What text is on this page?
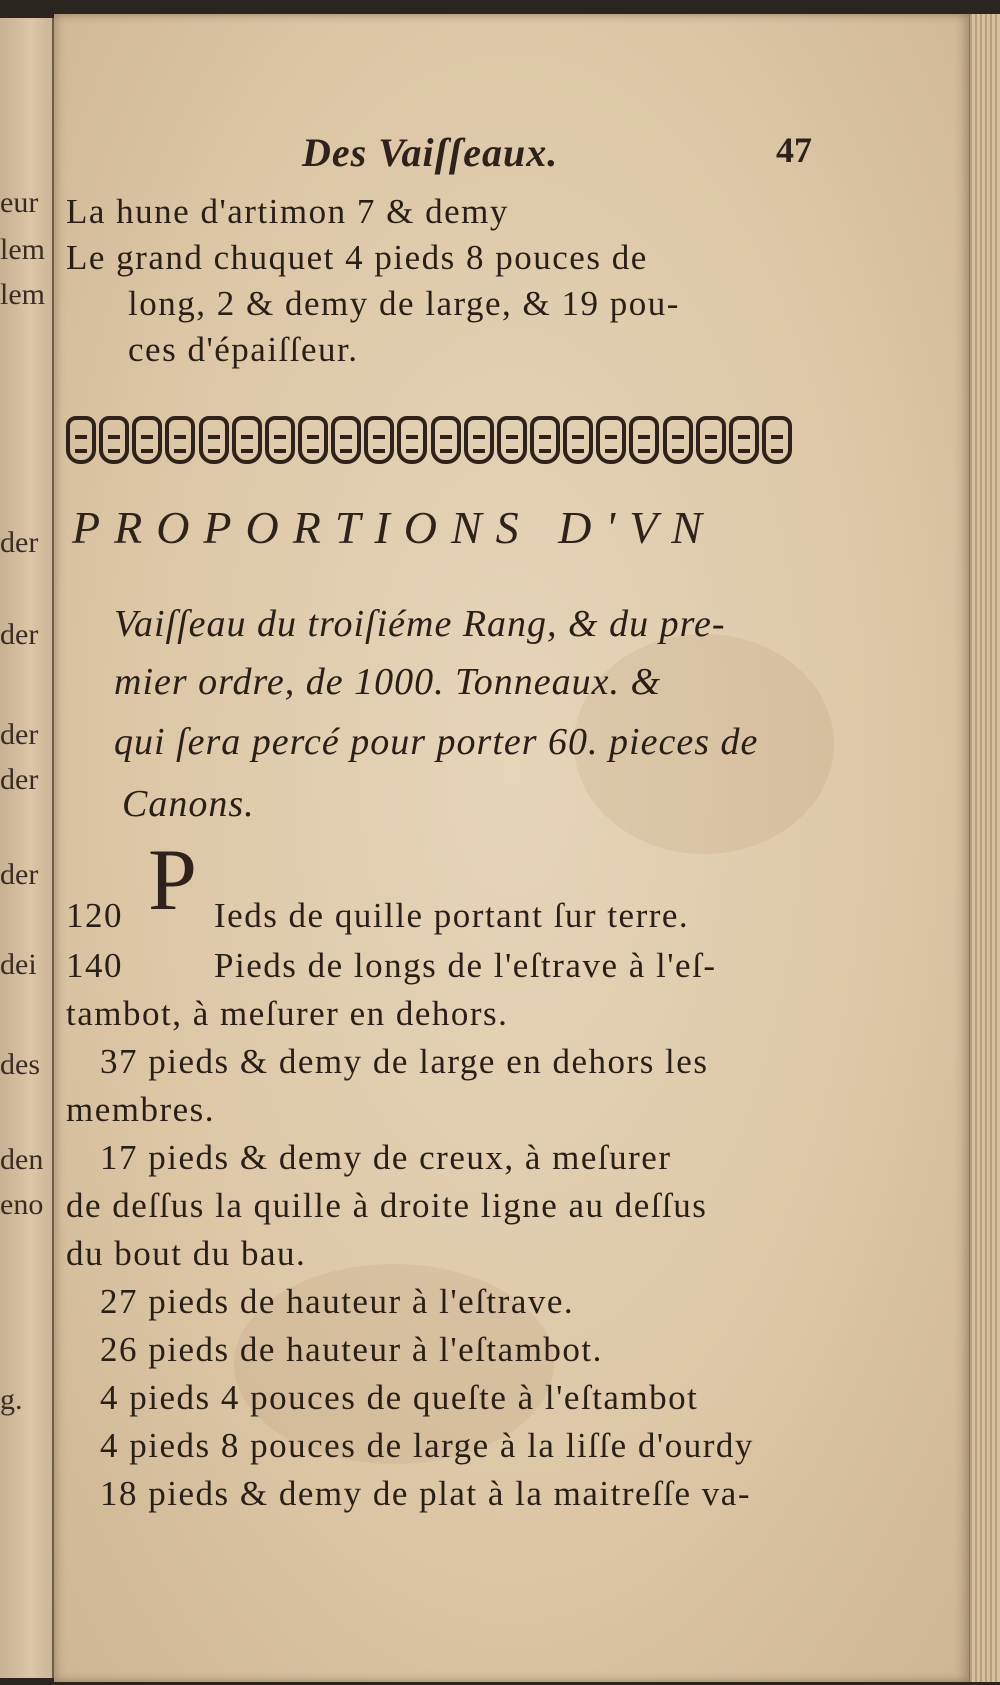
eur
lem
lem
der
der
der
der
der
dei
des
den
eno
g.
Des Vaiſſeaux.	47
La hune d'artimon 7 & demy
Le grand chuquet 4 pieds 8 pouces de
long, 2 & demy de large, & 19 pou-
ces d'épaiſſeur.
PROPORTIONS D'VN
Vaiſſeau du troiſiéme Rang, & du pre-
mier ordre, de 1000. Tonneaux. &
qui ſera percé pour porter 60. pieces de
Canons.
120
140
P Ieds de quille portant ſur terre.
Pieds de longs de l'eſtrave à l'eſ-
tambot, à meſurer en dehors.
37 pieds & demy de large en dehors les
membres.
17 pieds & demy de creux, à meſurer
de deſſus la quille à droite ligne au deſſus
du bout du bau.
27 pieds de hauteur à l'eſtrave.
26 pieds de hauteur à l'eſtambot.
4 pieds 4 pouces de queſte à l'eſtambot
4 pieds 8 pouces de large à la liſſe d'ourdy
18 pieds & demy de plat à la maitreſſe va-
